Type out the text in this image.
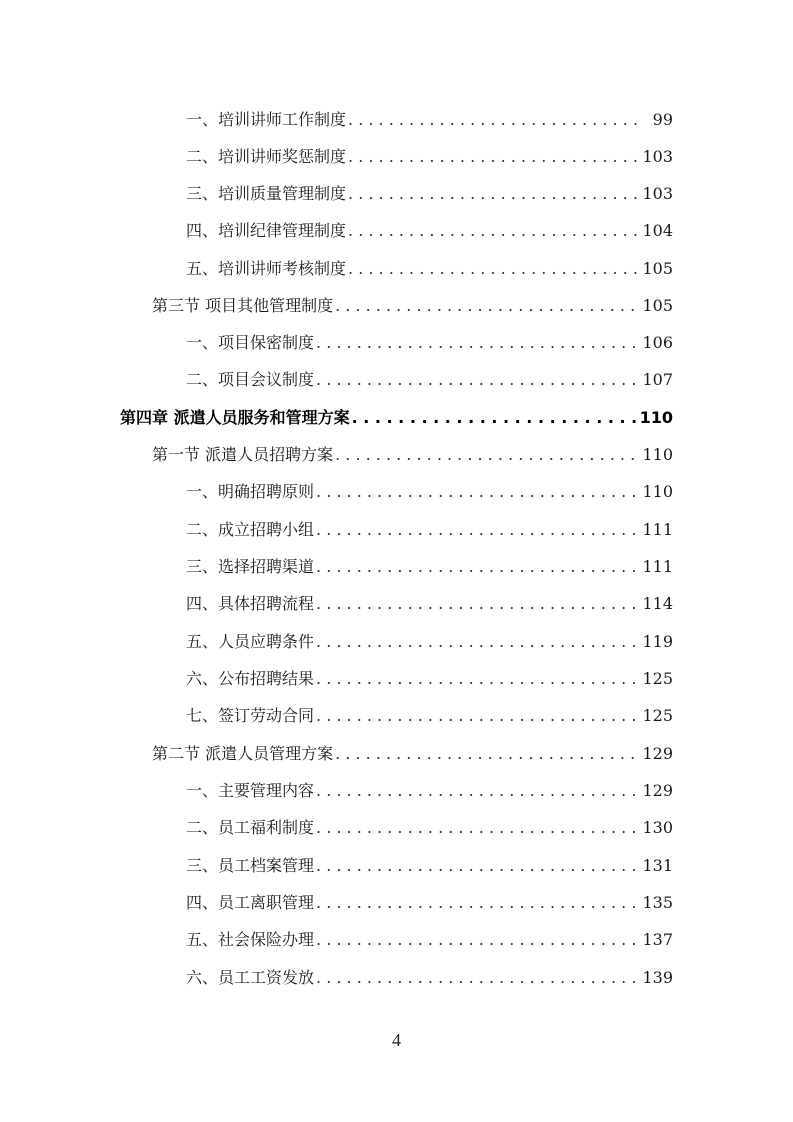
一、培训讲师工作制度 . . .	99
二、培训讲师奖惩制度 . . .	103
三、培训质量管理制度 . . .	103
四、培训纪律管理制度 . . .	104
五、培训讲师考核制度 . . .	105
第三节 项目其他管理制度 . . .	105
一、项目保密制度 . . .	106
二、项目会议制度 . . .	107
第四章 派遣人员服务和管理方案 . . .	110
第一节 派遣人员招聘方案 . . .	110
一、明确招聘原则 . . .	110
二、成立招聘小组 . . .	111
三、选择招聘渠道 . . .	111
四、具体招聘流程 . . .	114
五、人员应聘条件 . . .	119
六、公布招聘结果 . . .	125
七、签订劳动合同 . . .	125
第二节 派遣人员管理方案 . . .	129
一、主要管理内容 . . .	129
二、员工福利制度 . . .	130
三、员工档案管理 . . .	131
四、员工离职管理 . . .	135
五、社会保险办理 . . .	137
六、员工工资发放 . . .	139
4
